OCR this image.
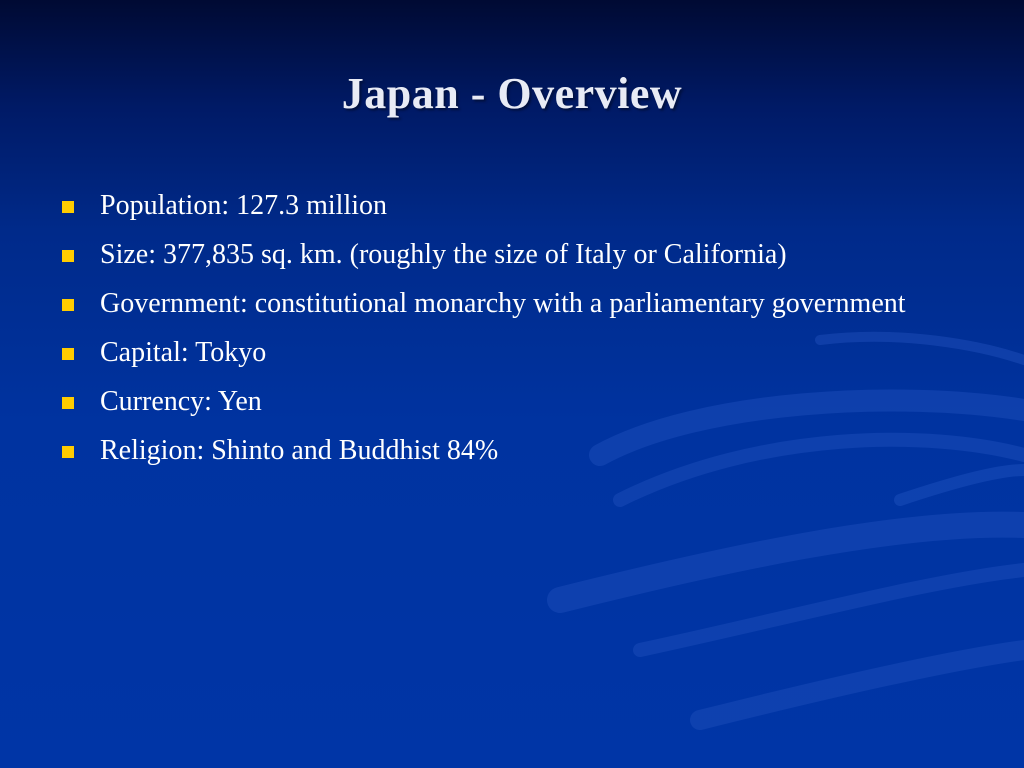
Japan - Overview
Population: 127.3 million
Size: 377,835 sq. km. (roughly the size of Italy or California)
Government: constitutional monarchy with a parliamentary government
Capital: Tokyo
Currency: Yen
Religion: Shinto and Buddhist 84%
